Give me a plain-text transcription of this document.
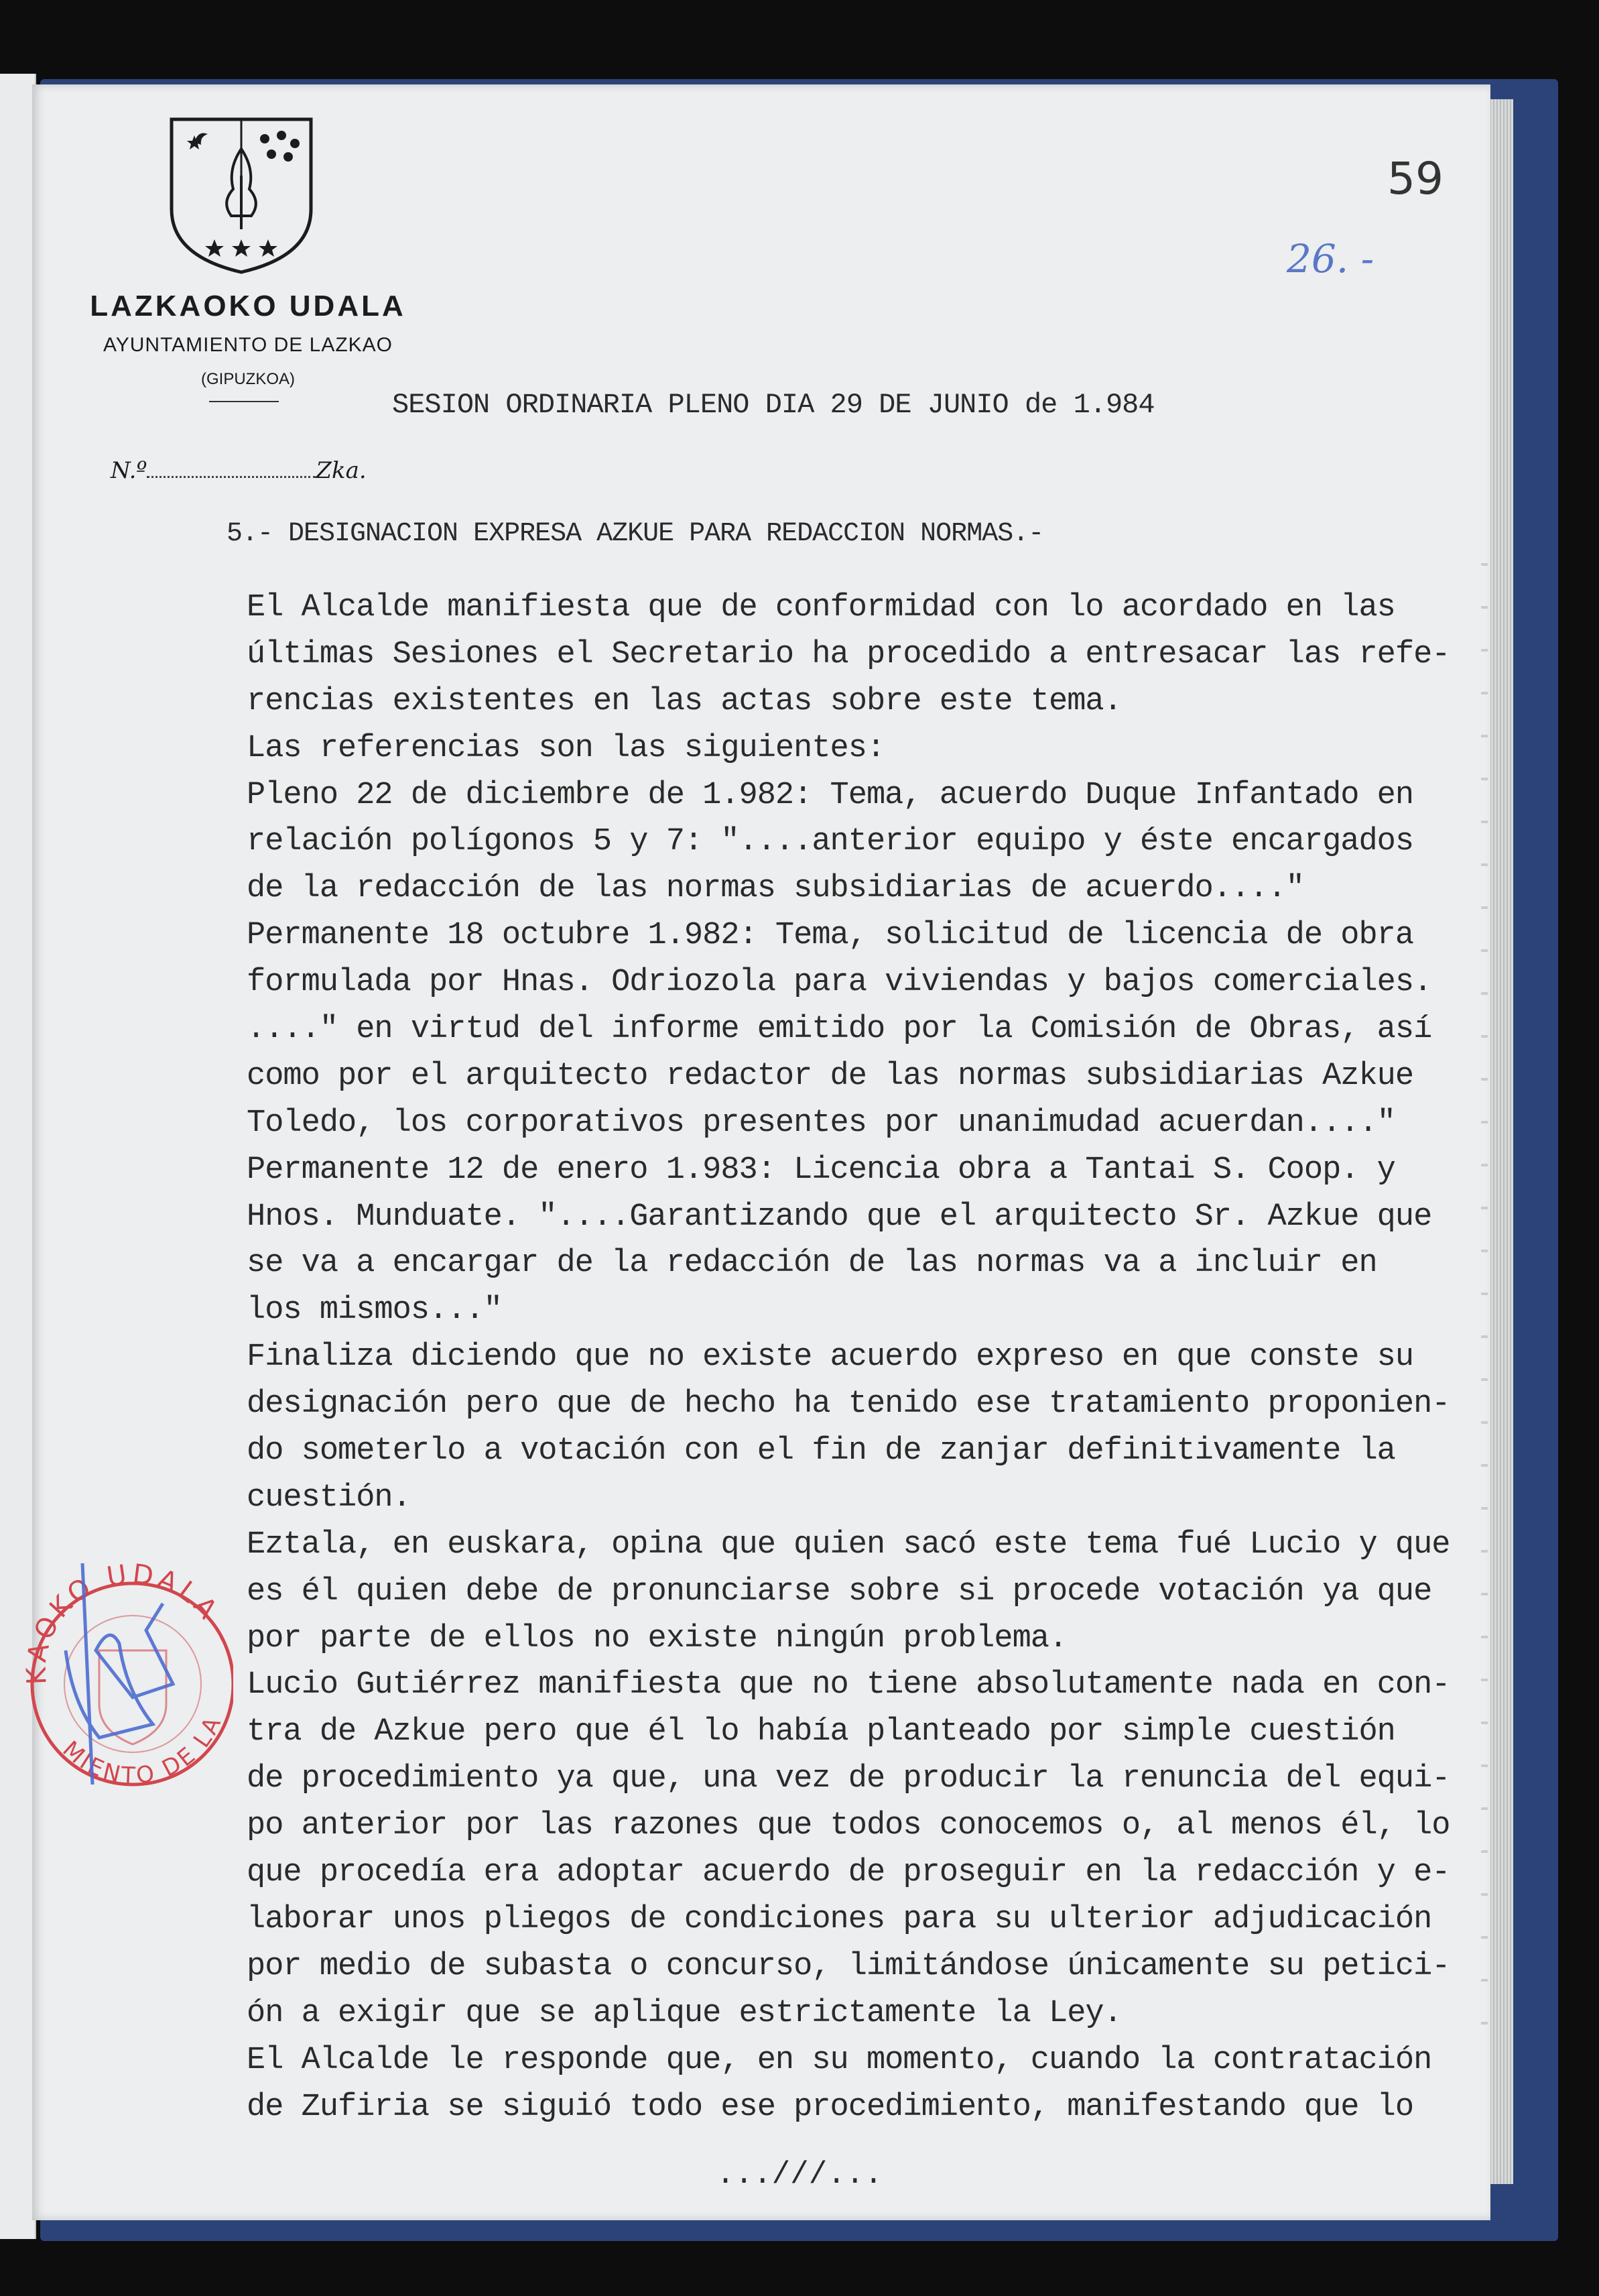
LAZKAOKO UDALA
AYUNTAMIENTO DE LAZKAO
(GIPUZKOA)
59
26. -
SESION ORDINARIA PLENO DIA 29 DE JUNIO de 1.984
N.º	Zka.
5.- DESIGNACION EXPRESA AZKUE PARA REDACCION NORMAS.-
El Alcalde manifiesta que de conformidad con lo acordado en las
últimas Sesiones el Secretario ha procedido a entresacar las refe-
rencias existentes en las actas sobre este tema.
Las referencias son las siguientes:
Pleno 22 de diciembre de 1.982: Tema, acuerdo Duque Infantado en
relación polígonos 5 y 7: "....anterior equipo y éste encargados
de la redacción de las normas subsidiarias de acuerdo...."
Permanente 18 octubre 1.982: Tema, solicitud de licencia de obra
formulada por Hnas. Odriozola para viviendas y bajos comerciales.
...." en virtud del informe emitido por la Comisión de Obras, así
como por el arquitecto redactor de las normas subsidiarias Azkue
Toledo, los corporativos presentes por unanimudad acuerdan...."
Permanente 12 de enero 1.983: Licencia obra a Tantai S. Coop. y
Hnos. Munduate. "....Garantizando que el arquitecto Sr. Azkue que
se va a encargar de la redacción de las normas va a incluir en
los mismos..."
Finaliza diciendo que no existe acuerdo expreso en que conste su
designación pero que de hecho ha tenido ese tratamiento proponien-
do someterlo a votación con el fin de zanjar definitivamente la
cuestión.
Eztala, en euskara, opina que quien sacó este tema fué Lucio y que
es él quien debe de pronunciarse sobre si procede votación ya que
por parte de ellos no existe ningún problema.
Lucio Gutiérrez manifiesta que no tiene absolutamente nada en con-
tra de Azkue pero que él lo había planteado por simple cuestión
de procedimiento ya que, una vez de producir la renuncia del equi-
po anterior por las razones que todos conocemos o, al menos él, lo
que procedía era adoptar acuerdo de proseguir en la redacción y e-
laborar unos pliegos de condiciones para su ulterior adjudicación
por medio de subasta o concurso, limitándose únicamente su petici-
ón a exigir que se aplique estrictamente la Ley.
El Alcalde le responde que, en su momento, cuando la contratación
de Zufiria se siguió todo ese procedimiento, manifestando que lo
...///...
KAOKO UDALA
MIENTO DE LA
